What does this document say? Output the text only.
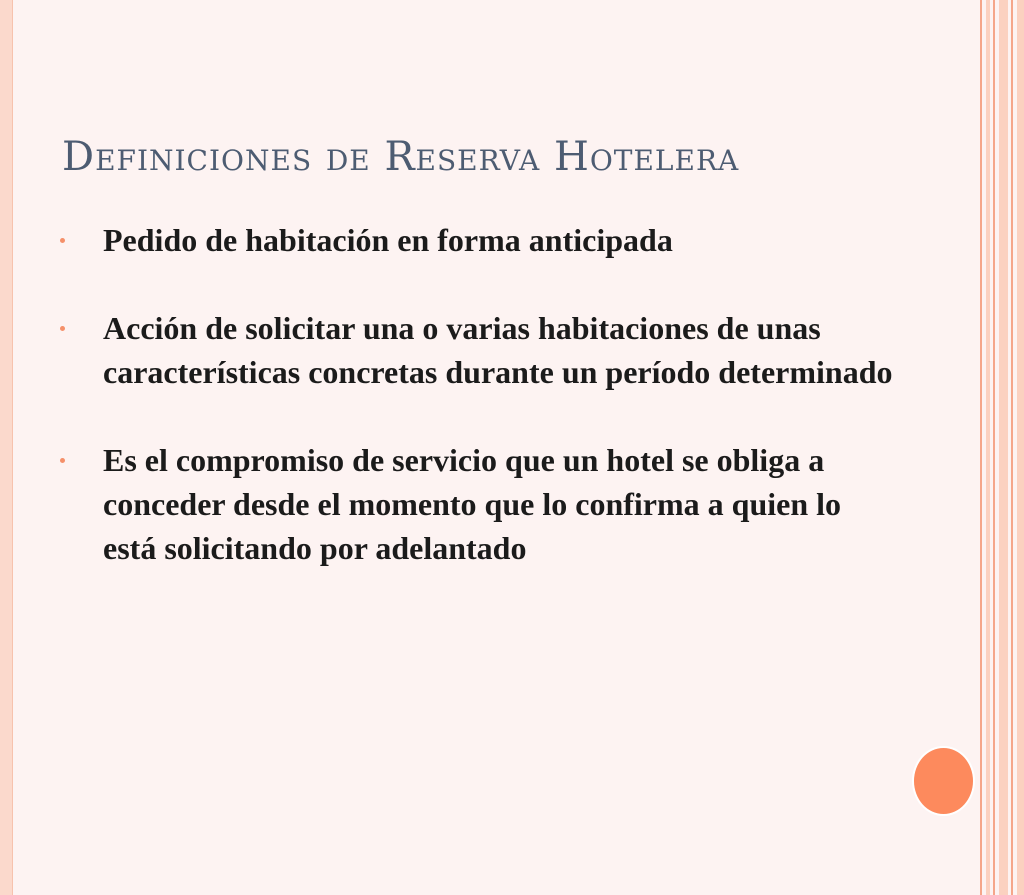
Definiciones de Reserva Hotelera
Pedido de habitación en forma anticipada
Acción de solicitar una o varias habitaciones de unas características concretas durante un período determinado
Es el compromiso de servicio que un hotel se obliga a conceder desde el momento que lo confirma a quien lo está solicitando por adelantado
